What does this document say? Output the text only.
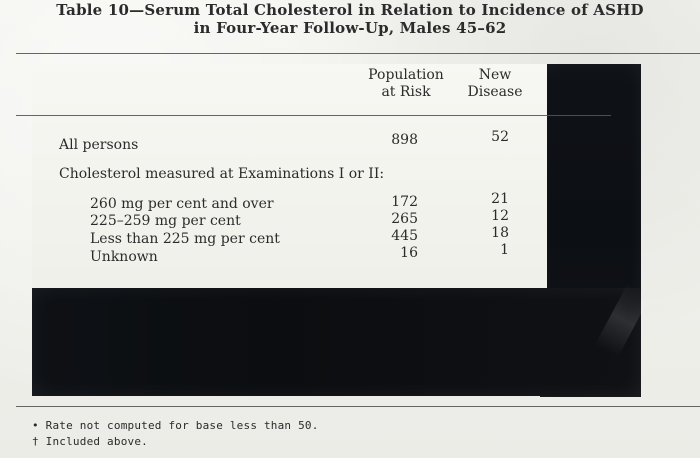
Table 10—Serum Total Cholesterol in Relation to Incidence of ASHD
in Four-Year Follow-Up, Males 45–62
Population
at Risk
New
Disease
All persons	898	52
Cholesterol measured at Examinations I or II:
260 mg per cent and over	172	21
225–259 mg per cent	265	12
Less than 225 mg per cent	445	18
Unknown	16	1
• Rate not computed for base less than 50.
† Included above.
